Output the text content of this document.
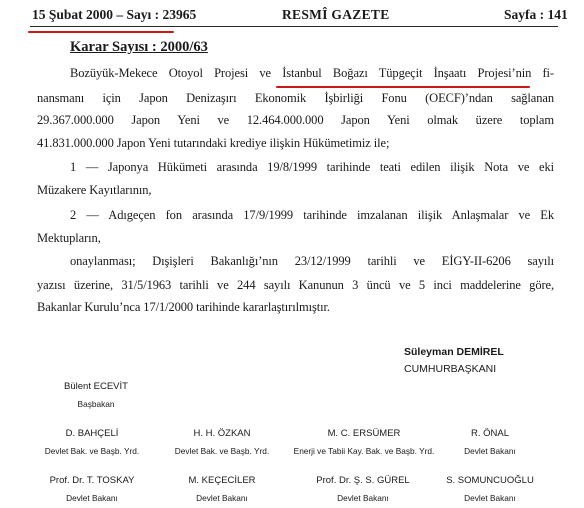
15 Şubat 2000 – Sayı : 23965	RESMÎ GAZETE	Sayfa : 141
Karar Sayısı : 2000/63
Bozüyük-Mekece Otoyol Projesi ve İstanbul Boğazı Tüpgeçit İnşaatı Projesi’nin fi-
nansmanı için Japon Denizaşırı Ekonomik İşbirliği Fonu (OECF)’ndan sağlanan
29.367.000.000 Japon Yeni ve 12.464.000.000 Japon Yeni olmak üzere toplam
41.831.000.000 Japon Yeni tutarındaki krediye ilişkin Hükümetimiz ile;
1 — Japonya Hükümeti arasında 19/8/1999 tarihinde teati edilen ilişik Nota ve eki
Müzakere Kayıtlarının,
2 — Adıgeçen fon arasında 17/9/1999 tarihinde imzalanan ilişik Anlaşmalar ve Ek
Mektupların,
onaylanması; Dışişleri Bakanlığı’nın 23/12/1999 tarihli ve EİGY-II-6206 sayılı
yazısı üzerine, 31/5/1963 tarihli ve 244 sayılı Kanunun 3 üncü ve 5 inci maddelerine göre,
Bakanlar Kurulu’nca 17/1/2000 tarihinde kararlaştırılmıştır.
Süleyman DEMİREL
CUMHURBAŞKANI
Bülent ECEVİT
Başbakan
D. BAHÇELİ
Devlet Bak. ve Başb. Yrd.
H. H. ÖZKAN
Devlet Bak. ve Başb. Yrd.
M. C. ERSÜMER
Enerji ve Tabii Kay. Bak. ve Başb. Yrd.
R. ÖNAL
Devlet Bakanı
Prof. Dr. T. TOSKAY
Devlet Bakanı
M. KEÇECİLER
Devlet Bakanı
Prof. Dr. Ş. S. GÜREL
Devlet Bakanı
S. SOMUNCUOĞLU
Devlet Bakanı
